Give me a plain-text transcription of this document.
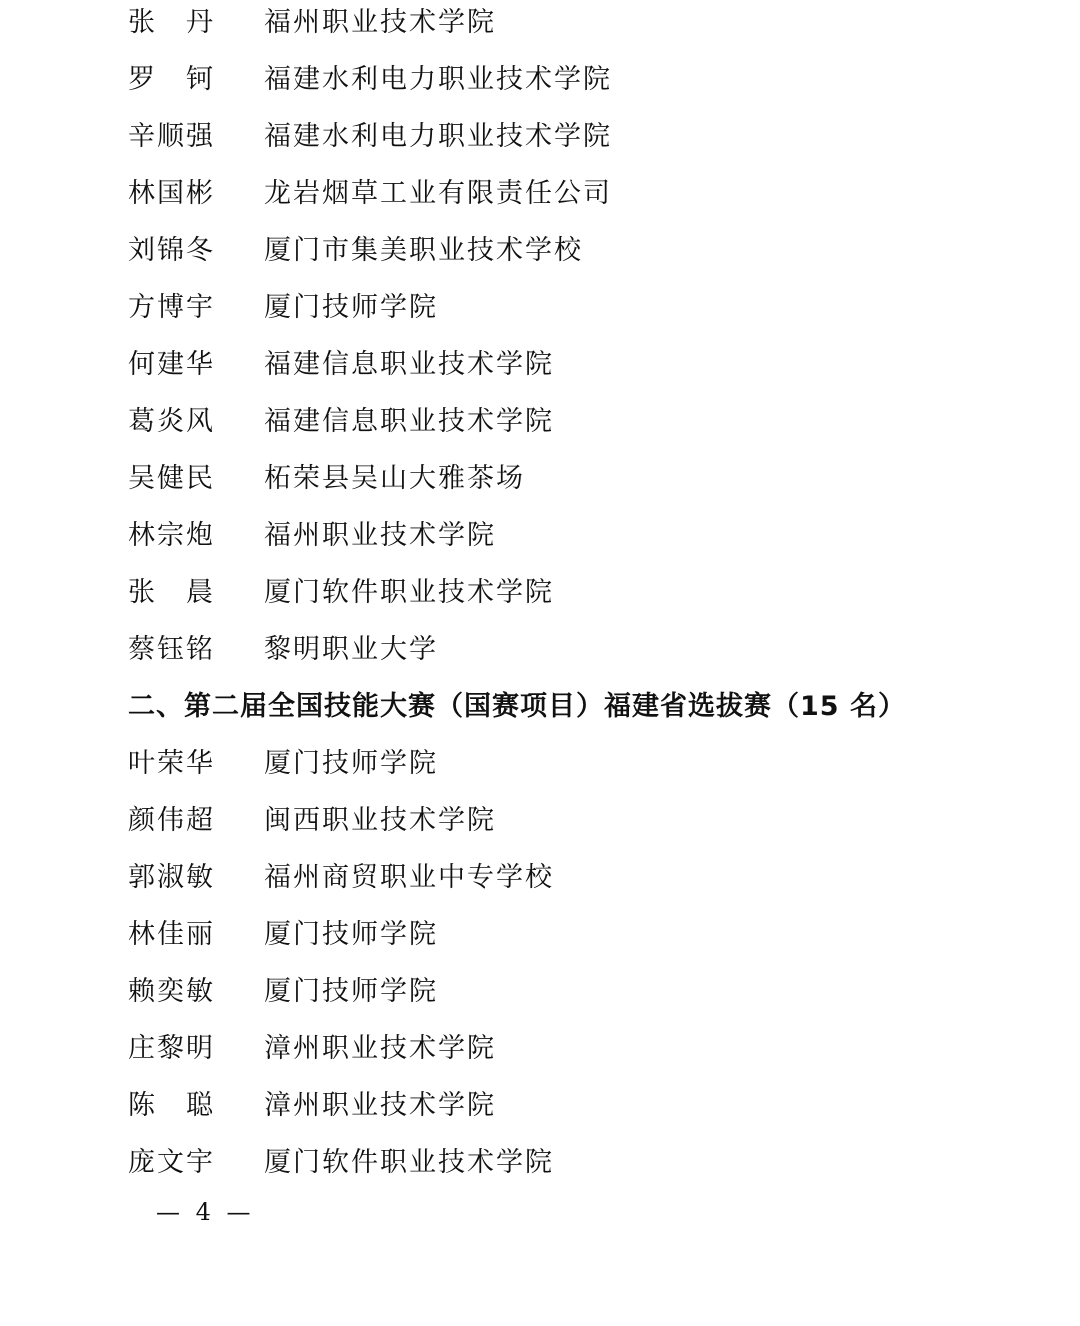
张　丹	福州职业技术学院
罗　钶	福建水利电力职业技术学院
辛顺强	福建水利电力职业技术学院
林国彬	龙岩烟草工业有限责任公司
刘锦冬	厦门市集美职业技术学校
方博宇	厦门技师学院
何建华	福建信息职业技术学院
葛炎风	福建信息职业技术学院
吴健民	柘荣县吴山大雅茶场
林宗炮	福州职业技术学院
张　晨	厦门软件职业技术学院
蔡钰铭	黎明职业大学
二、第二届全国技能大赛（国赛项目）福建省选拔赛（15 名）
叶荣华	厦门技师学院
颜伟超	闽西职业技术学院
郭淑敏	福州商贸职业中专学校
林佳丽	厦门技师学院
赖奕敏	厦门技师学院
庄黎明	漳州职业技术学院
陈　聪	漳州职业技术学院
庞文宇	厦门软件职业技术学院
— 4 —
